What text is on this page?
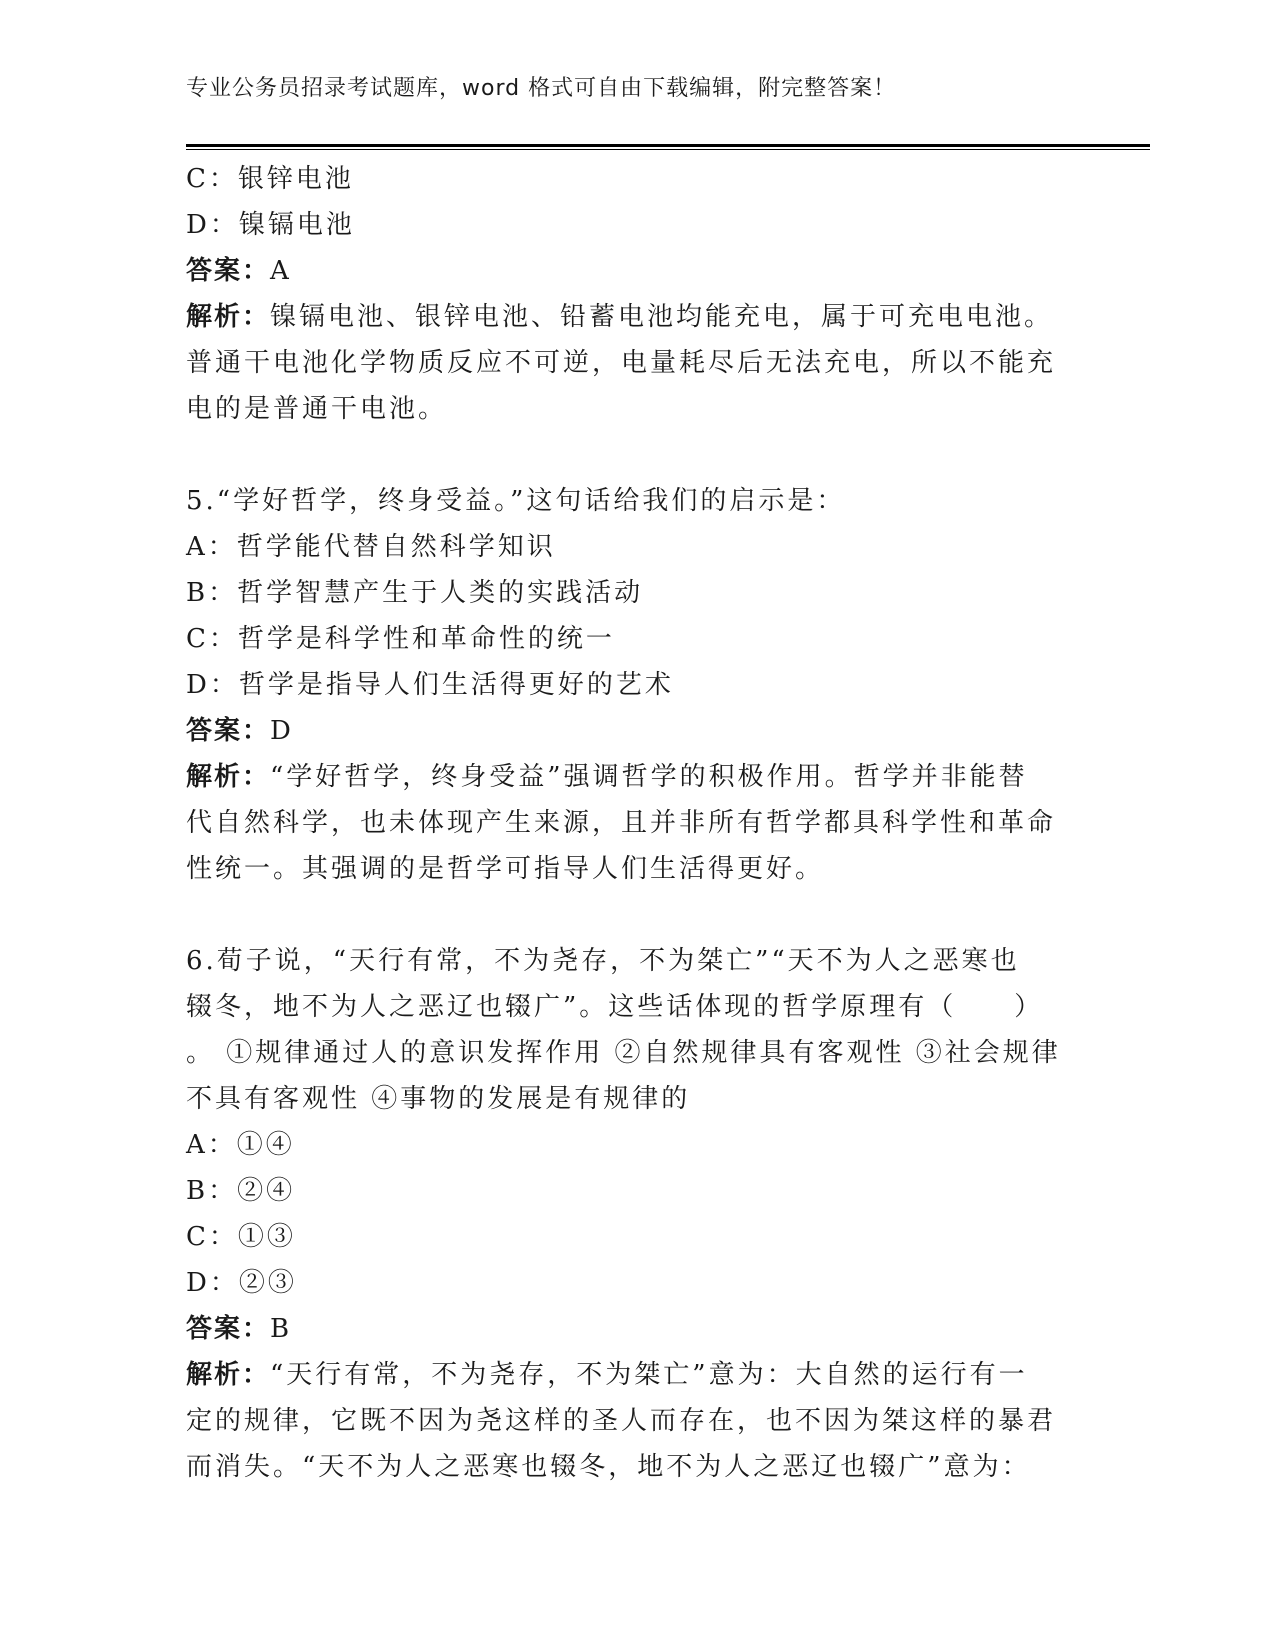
专业公务员招录考试题库，word 格式可自由下载编辑，附完整答案！
C：银锌电池
D：镍镉电池
答案：A
解析：镍镉电池、银锌电池、铅蓄电池均能充电，属于可充电电池。
普通干电池化学物质反应不可逆，电量耗尽后无法充电，所以不能充
电的是普通干电池。
5.“学好哲学，终身受益。”这句话给我们的启示是：
A：哲学能代替自然科学知识
B：哲学智慧产生于人类的实践活动
C：哲学是科学性和革命性的统一
D：哲学是指导人们生活得更好的艺术
答案：D
解析：“学好哲学，终身受益”强调哲学的积极作用。哲学并非能替
代自然科学，也未体现产生来源，且并非所有哲学都具科学性和革命
性统一。其强调的是哲学可指导人们生活得更好。
6.荀子说，“天行有常，不为尧存，不为桀亡”“天不为人之恶寒也
辍冬，地不为人之恶辽也辍广”。这些话体现的哲学原理有（　　）
。 ①规律通过人的意识发挥作用 ②自然规律具有客观性 ③社会规律
不具有客观性 ④事物的发展是有规律的
A：①④
B：②④
C：①③
D：②③
答案：B
解析：“天行有常，不为尧存，不为桀亡”意为：大自然的运行有一
定的规律，它既不因为尧这样的圣人而存在，也不因为桀这样的暴君
而消失。“天不为人之恶寒也辍冬，地不为人之恶辽也辍广”意为：
